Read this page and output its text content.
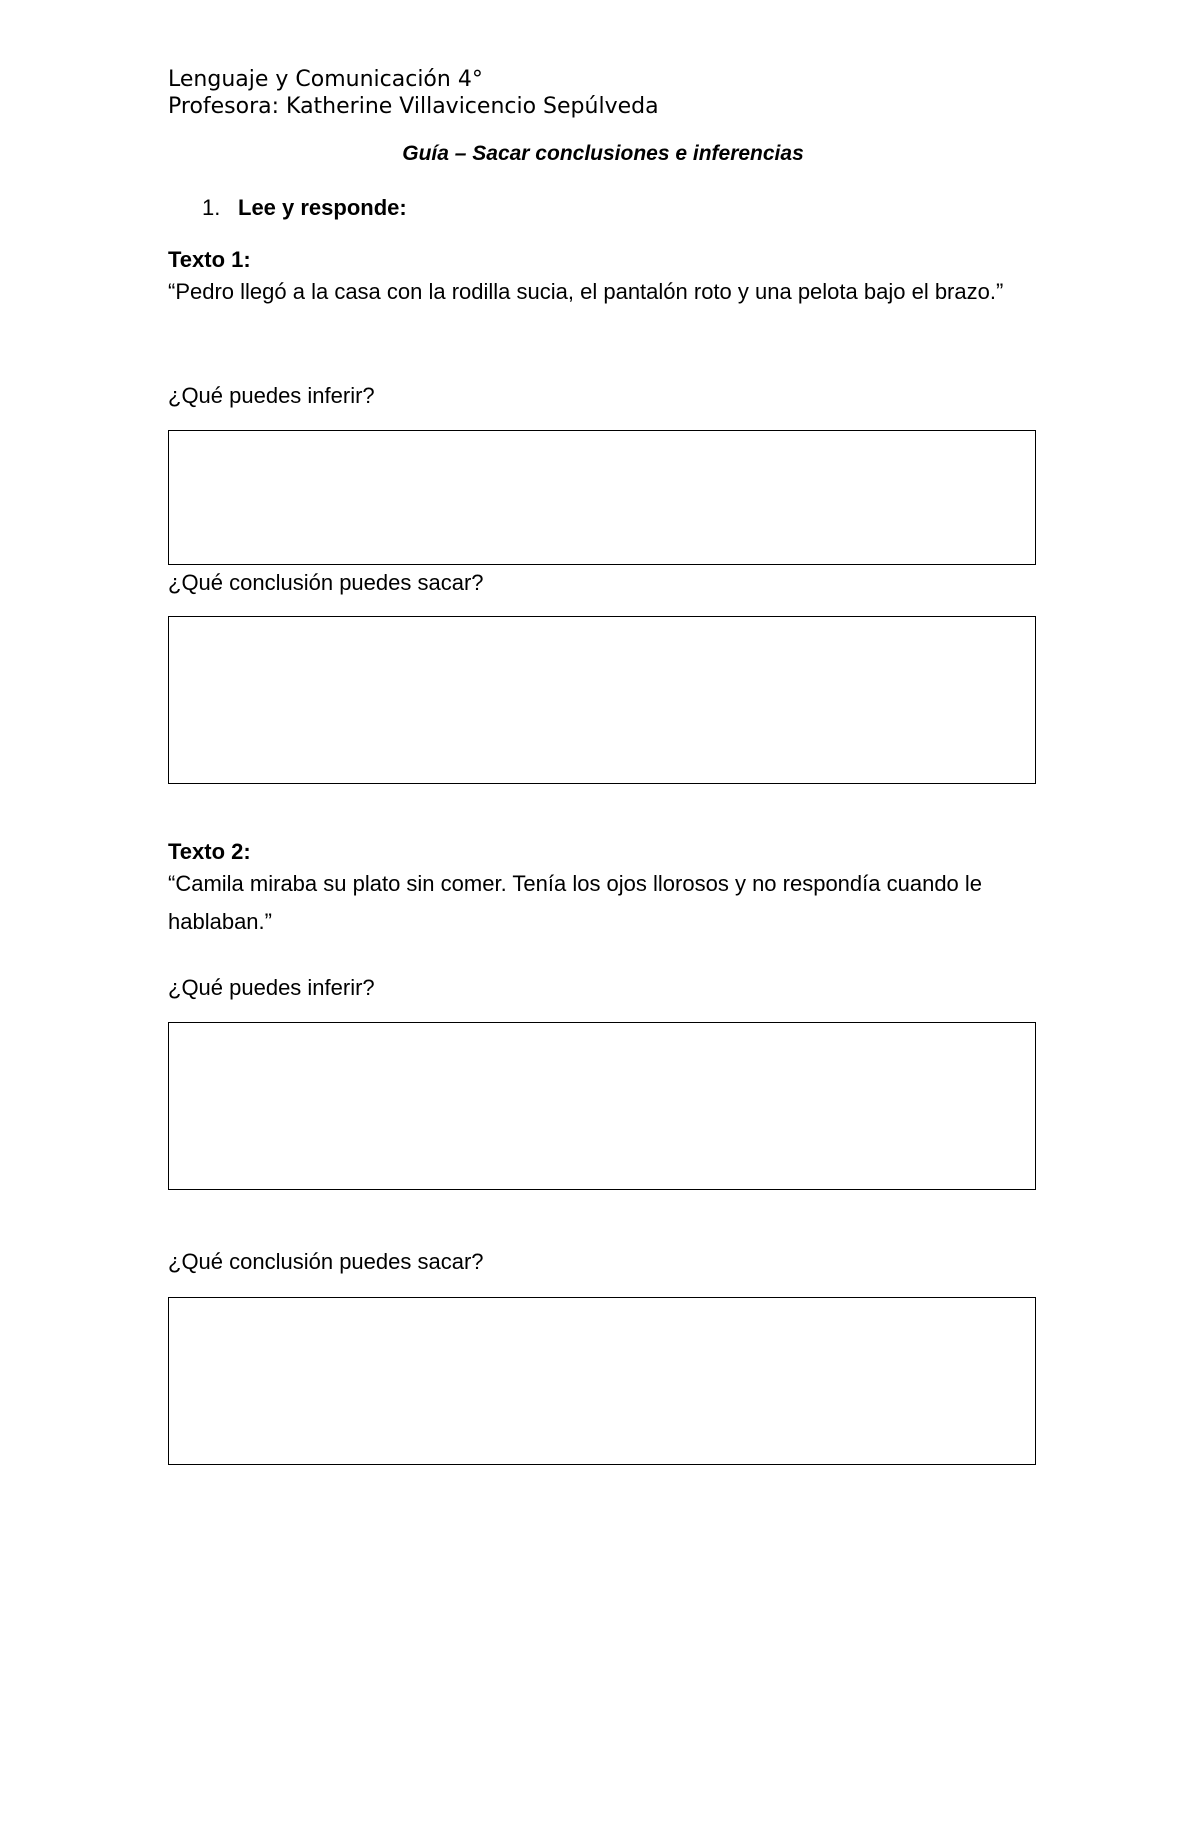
Lenguaje y Comunicación 4°

Profesora: Katherine Villavicencio Sepúlveda

Guía – Sacar conclusiones e inferencias

1. Lee y responde:

Texto 1:

“Pedro llegó a la casa con la rodilla sucia, el pantalón roto y una pelota bajo el brazo.”

¿Qué puedes inferir?

¿Qué conclusión puedes sacar?

Texto 2:

“Camila miraba su plato sin comer. Tenía los ojos llorosos y no respondía cuando le hablaban.”

¿Qué puedes inferir?

¿Qué conclusión puedes sacar?
